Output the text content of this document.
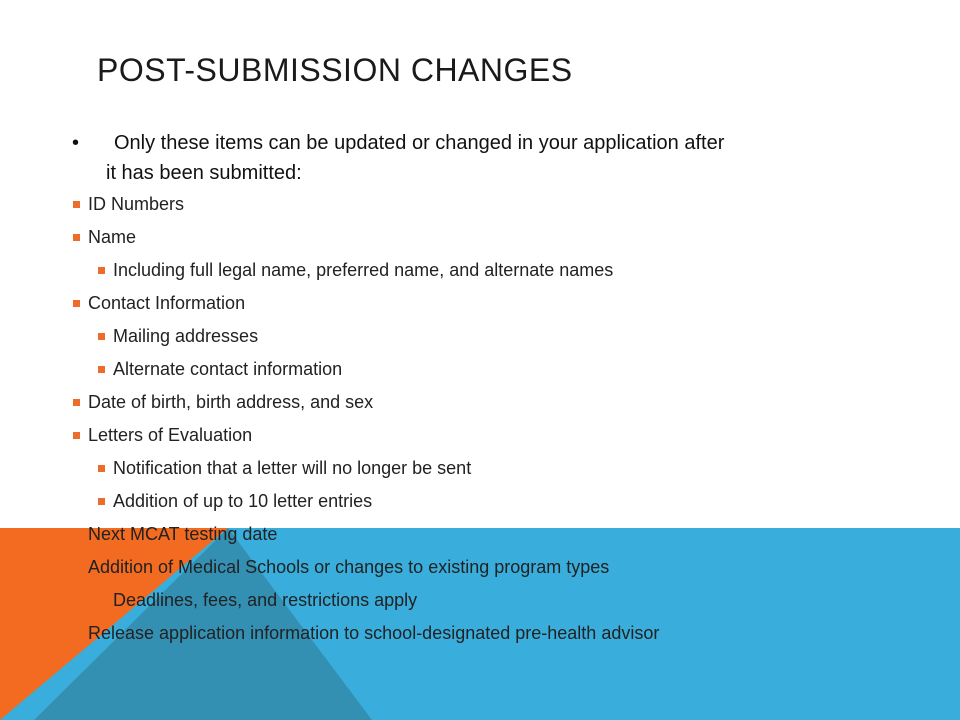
POST-SUBMISSION CHANGES
•	Only these items can be updated or changed in your application after
it has been submitted:
ID Numbers
Name
Including full legal name, preferred name, and alternate names
Contact Information
Mailing addresses
Alternate contact information
Date of birth, birth address, and sex
Letters of Evaluation
Notification that a letter will no longer be sent
Addition of up to 10 letter entries
Next MCAT testing date
Addition of Medical Schools or changes to existing program types
Deadlines, fees, and restrictions apply
Release application information to school-designated pre-health advisor
